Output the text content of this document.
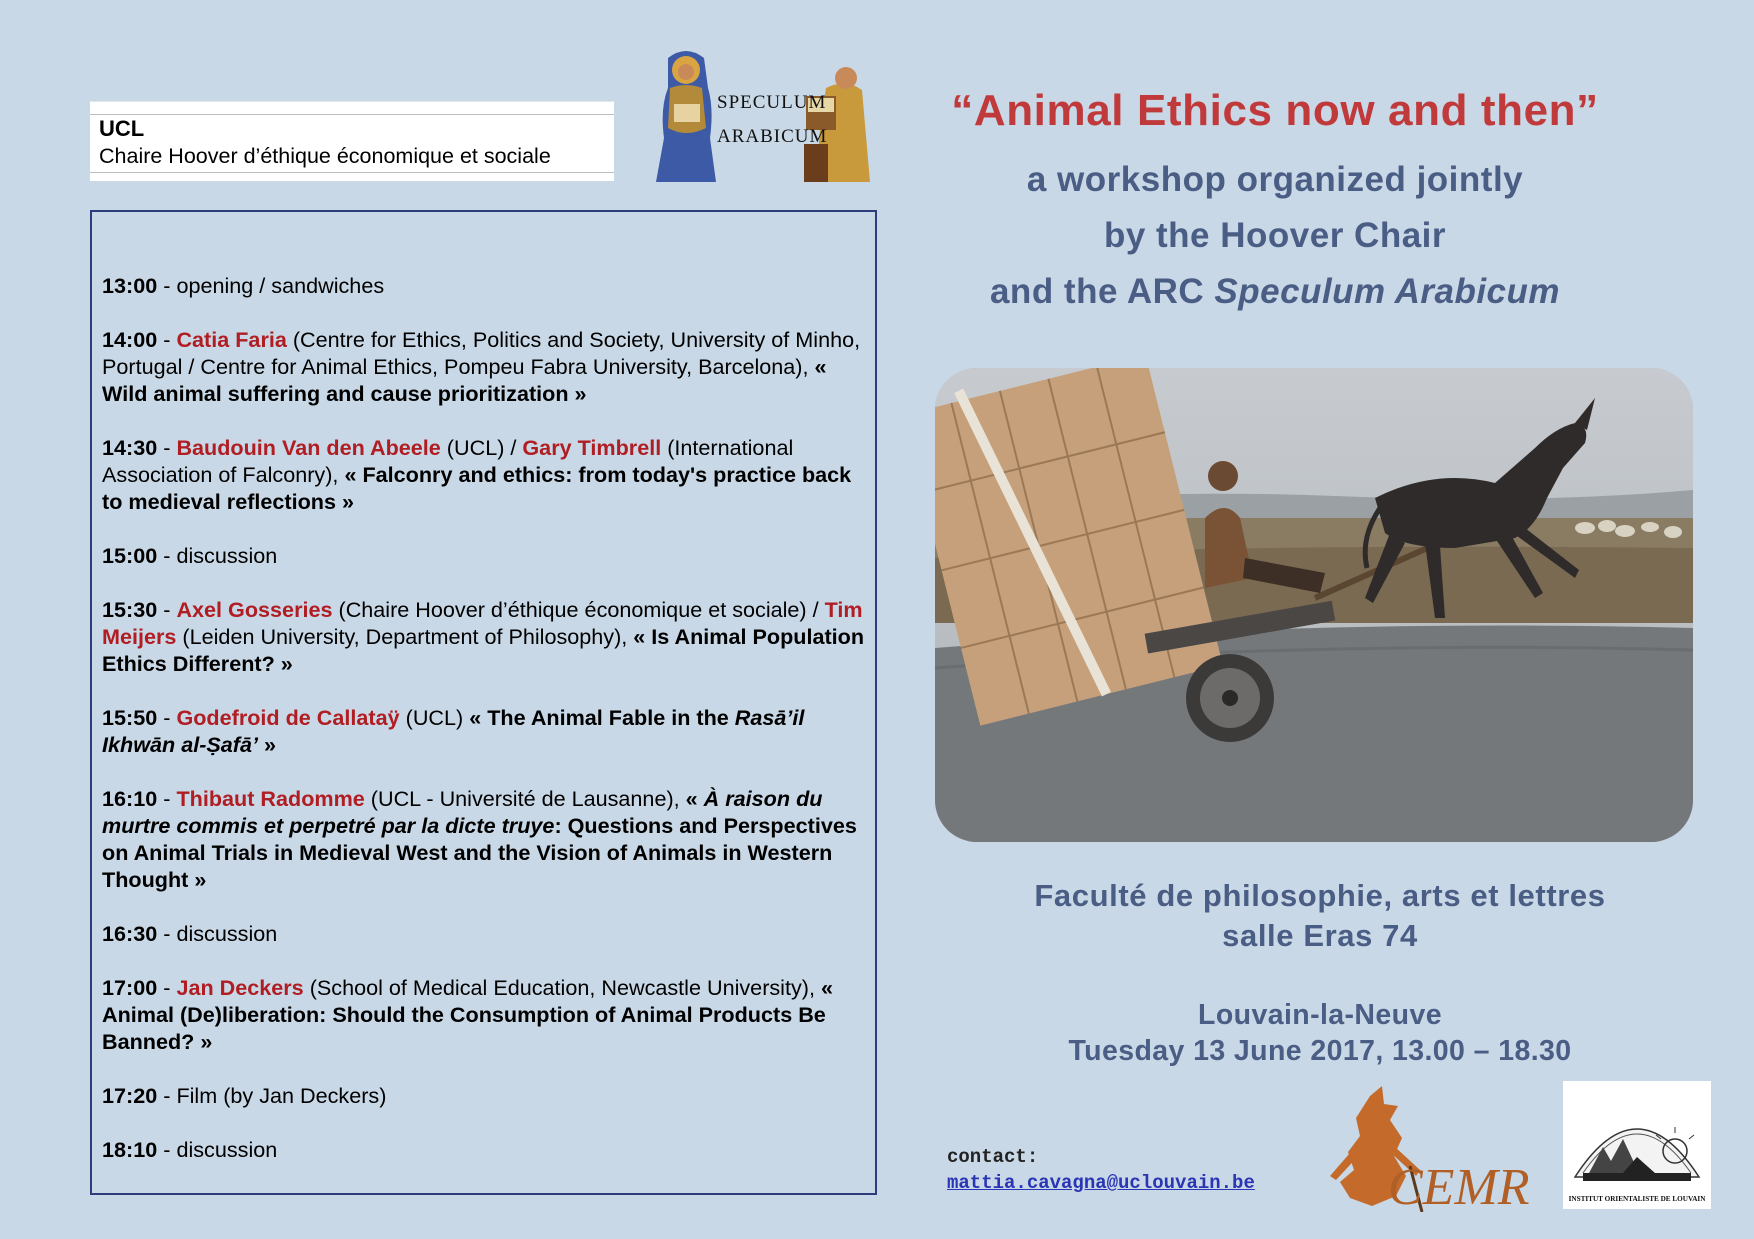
UCL
Chaire Hoover d’éthique économique et sociale
SPECULUM
ARABICUM
13:00 - opening / sandwiches
14:00 - Catia Faria (Centre for Ethics, Politics and Society, University of Minho, Portugal / Centre for Animal Ethics, Pompeu Fabra University, Barcelona), « Wild animal suffering and cause prioritization »
14:30 - Baudouin Van den Abeele (UCL) / Gary Timbrell (International Association of Falconry), « Falconry and ethics: from today's practice back to medieval reflections »
15:00 - discussion
15:30 - Axel Gosseries (Chaire Hoover d’éthique économique et sociale) / Tim Meijers (Leiden University, Department of Philosophy), « Is Animal Population Ethics Different? »
15:50 - Godefroid de Callataÿ (UCL) « The Animal Fable in the Rasā’il Ikhwān al-Ṣafā’ »
16:10 - Thibaut Radomme (UCL - Université de Lausanne), « À raison du murtre commis et perpetré par la dicte truye: Questions and Perspectives on Animal Trials in Medieval West and the Vision of Animals in Western Thought »
16:30 - discussion
17:00 - Jan Deckers (School of Medical Education, Newcastle University), « Animal (De)liberation: Should the Consumption of Animal Products Be Banned? »
17:20 - Film (by Jan Deckers)
18:10 - discussion
“Animal Ethics now and then”
a workshop organized jointly
by the Hoover Chair
and the ARC Speculum Arabicum
Faculté de philosophie, arts et lettres
salle Eras 74
Louvain-la-Neuve
Tuesday 13 June 2017, 13.00 – 18.30
contact:
mattia.cavagna@uclouvain.be	CEMR	INSTITUT ORIENTALISTE DE LOUVAIN
